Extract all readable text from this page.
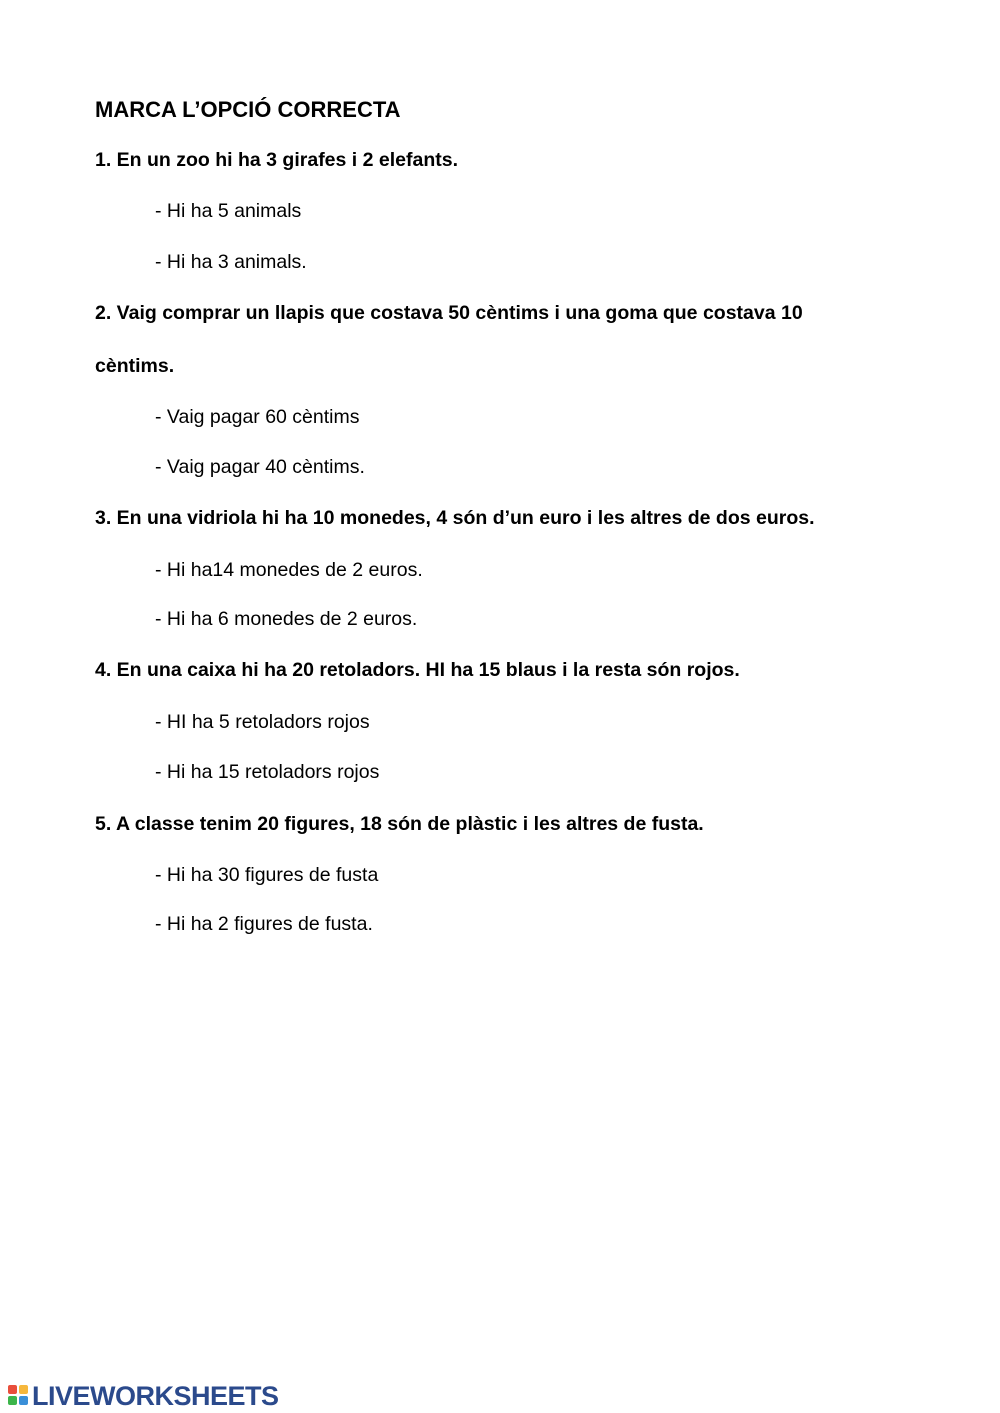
MARCA L’OPCIÓ CORRECTA
1. En un zoo hi ha 3 girafes i 2 elefants.
- Hi ha 5 animals
- Hi ha 3 animals.
2. Vaig comprar un llapis que costava 50 cèntims i una goma que costava 10
cèntims.
- Vaig pagar 60 cèntims
- Vaig pagar 40 cèntims.
3. En una vidriola hi ha 10 monedes, 4 són d’un euro i les altres de dos euros.
- Hi ha14 monedes de 2 euros.
- Hi ha 6 monedes de 2 euros.
4. En una caixa hi ha 20 retoladors. HI ha 15 blaus i la resta són rojos.
- HI ha 5 retoladors rojos
- Hi ha 15 retoladors rojos
5. A classe tenim 20 figures, 18 són de plàstic i les altres de fusta.
- Hi ha 30 figures de fusta
- Hi ha 2 figures de fusta.
LIVEWORKSHEETS
